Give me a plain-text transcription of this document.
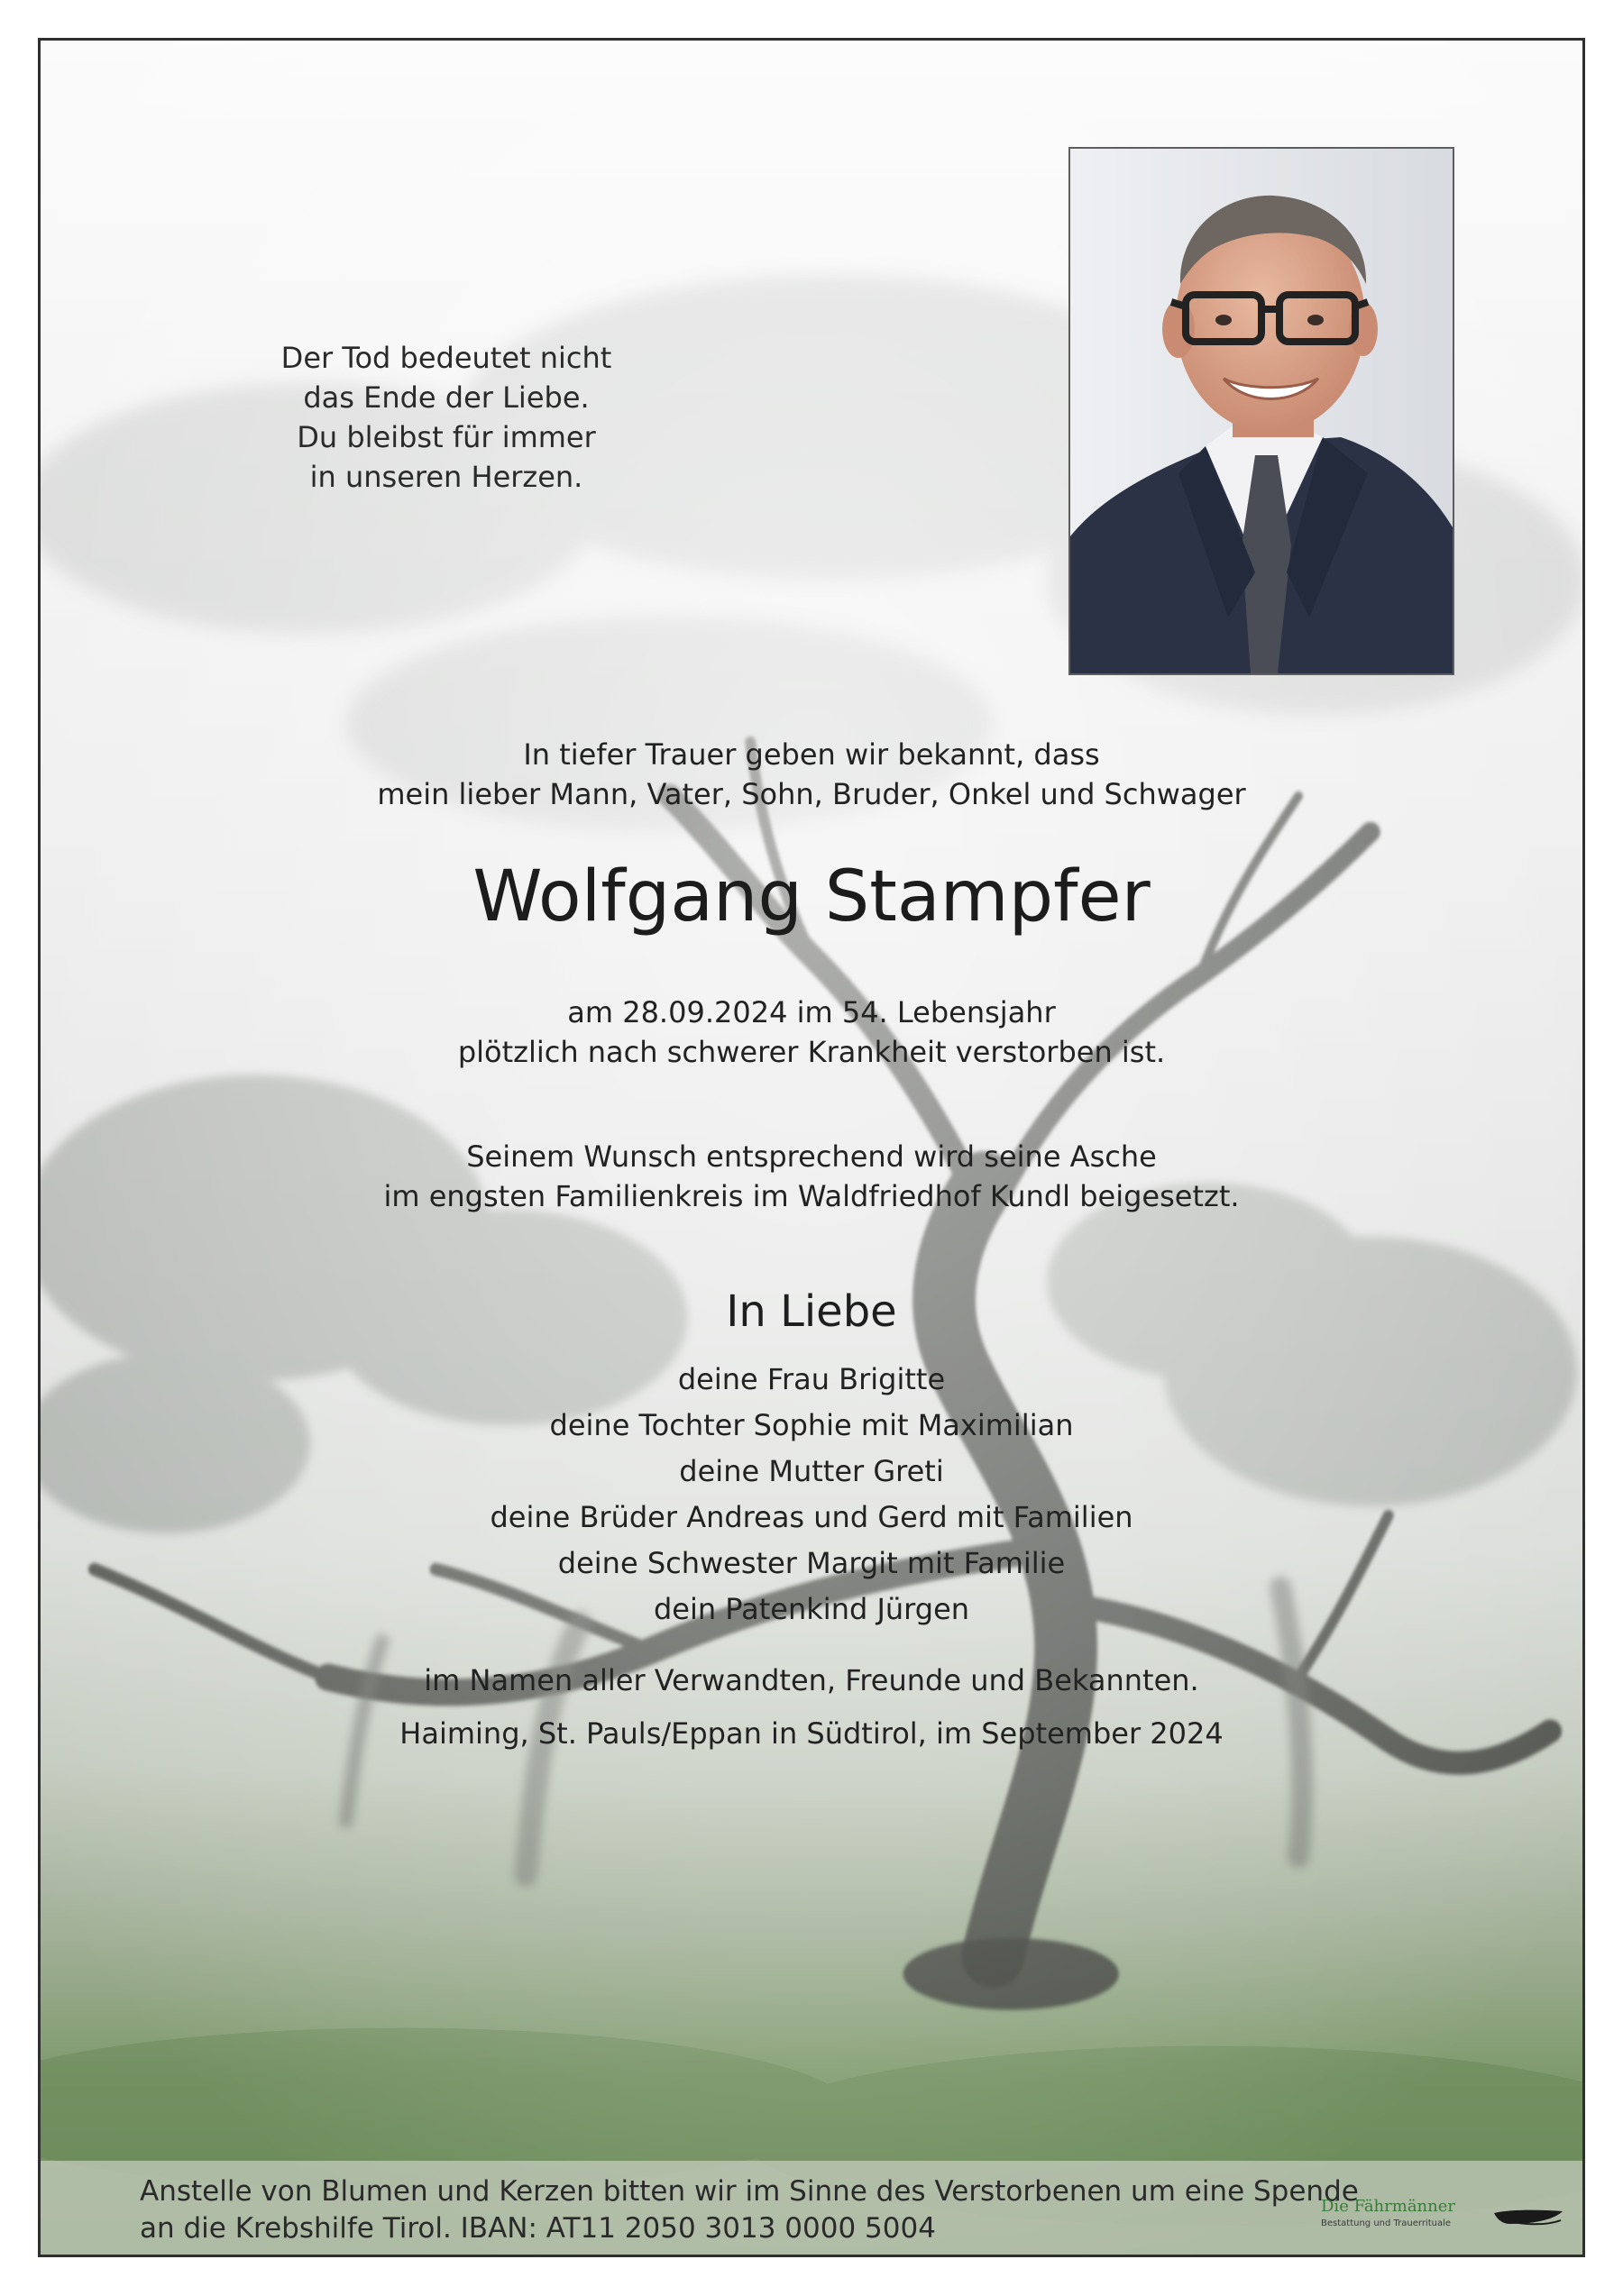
Der Tod bedeutet nicht
das Ende der Liebe.
Du bleibst für immer
in unseren Herzen.
In tiefer Trauer geben wir bekannt, dass
mein lieber Mann, Vater, Sohn, Bruder, Onkel und Schwager
Wolfgang Stampfer
am 28.09.2024 im 54. Lebensjahr
plötzlich nach schwerer Krankheit verstorben ist.
Seinem Wunsch entsprechend wird seine Asche
im engsten Familienkreis im Waldfriedhof Kundl beigesetzt.
In Liebe
deine Frau Brigitte
deine Tochter Sophie mit Maximilian
deine Mutter Greti
deine Brüder Andreas und Gerd mit Familien
deine Schwester Margit mit Familie
dein Patenkind Jürgen
im Namen aller Verwandten, Freunde und Bekannten.
Haiming, St. Pauls/Eppan in Südtirol, im September 2024
Anstelle von Blumen und Kerzen bitten wir im Sinne des Verstorbenen um eine Spende
an die Krebshilfe Tirol. IBAN: AT11 2050 3013 0000 5004
Die Fährmänner
Bestattung und Trauerrituale
